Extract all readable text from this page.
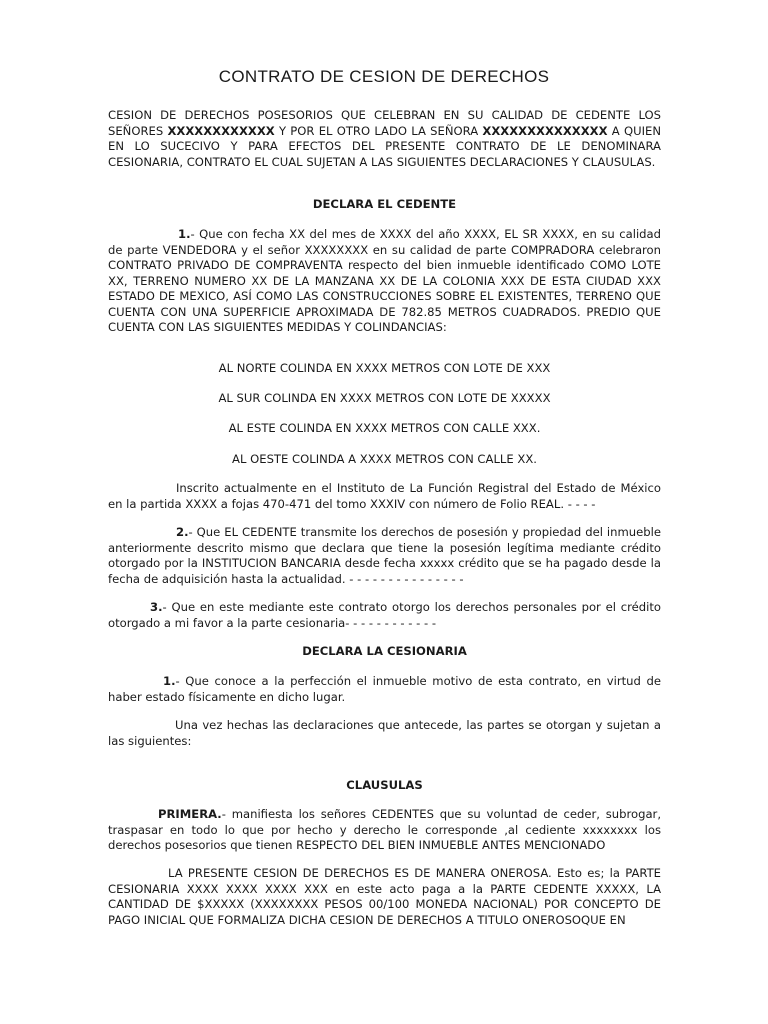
CONTRATO DE CESION DE DERECHOS

CESION DE DERECHOS POSESORIOS QUE CELEBRAN EN SU CALIDAD DE CEDENTE LOS SEÑORES XXXXXXXXXXXX Y POR EL OTRO LADO LA SEÑORA XXXXXXXXXXXXXX A QUIEN EN LO SUCECIVO Y PARA EFECTOS DEL PRESENTE CONTRATO DE LE DENOMINARA CESIONARIA, CONTRATO EL CUAL SUJETAN A LAS SIGUIENTES DECLARACIONES Y CLAUSULAS.

DECLARA EL CEDENTE

1.- Que con fecha XX del mes de XXXX del año XXXX, EL SR XXXX, en su calidad de parte VENDEDORA y el señor XXXXXXXX en su calidad de parte COMPRADORA celebraron CONTRATO PRIVADO DE COMPRAVENTA respecto del bien inmueble identificado COMO LOTE XX, TERRENO NUMERO XX DE LA MANZANA XX DE LA COLONIA XXX DE ESTA CIUDAD XXX ESTADO DE MEXICO, ASÍ COMO LAS CONSTRUCCIONES SOBRE EL EXISTENTES, TERRENO QUE CUENTA CON UNA SUPERFICIE APROXIMADA DE 782.85 METROS CUADRADOS. PREDIO QUE CUENTA CON LAS SIGUIENTES MEDIDAS Y COLINDANCIAS:

AL NORTE COLINDA EN XXXX METROS CON LOTE DE XXX

AL SUR COLINDA EN XXXX METROS CON LOTE DE XXXXX

AL ESTE COLINDA EN XXXX METROS CON CALLE XXX.

AL OESTE COLINDA A XXXX METROS CON CALLE XX.

Inscrito actualmente en el Instituto de La Función Registral del Estado de México en la partida XXXX a fojas 470-471 del tomo XXXIV con número de Folio REAL. - - - -

2.- Que EL CEDENTE transmite los derechos de posesión y propiedad del inmueble anteriormente descrito mismo que declara que tiene la posesión legítima mediante crédito otorgado por la INSTITUCION BANCARIA desde fecha xxxxx crédito que se ha pagado desde la fecha de adquisición hasta la actualidad. - - - - - - - - - - - - - - -

3.- Que en este mediante este contrato otorgo los derechos personales por el crédito otorgado a mi favor a la parte cesionaria- - - - - - - - - - - -

DECLARA LA CESIONARIA

1.- Que conoce a la perfección el inmueble motivo de esta contrato, en virtud de haber estado físicamente en dicho lugar.

Una vez hechas las declaraciones que antecede, las partes se otorgan y sujetan a las siguientes:

CLAUSULAS

PRIMERA.- manifiesta los señores CEDENTES que su voluntad de ceder, subrogar, traspasar en todo lo que por hecho y derecho le corresponde ,al cediente xxxxxxxx los derechos posesorios que tienen RESPECTO DEL BIEN INMUEBLE ANTES MENCIONADO

LA PRESENTE CESION DE DERECHOS ES DE MANERA ONEROSA. Esto es; la PARTE CESIONARIA XXXX XXXX XXXX XXX en este acto paga a la PARTE CEDENTE XXXXX, LA CANTIDAD DE $XXXXX (XXXXXXXX PESOS 00/100 MONEDA NACIONAL) POR CONCEPTO DE PAGO INICIAL QUE FORMALIZA DICHA CESION DE DERECHOS A TITULO ONEROSOQUE EN
